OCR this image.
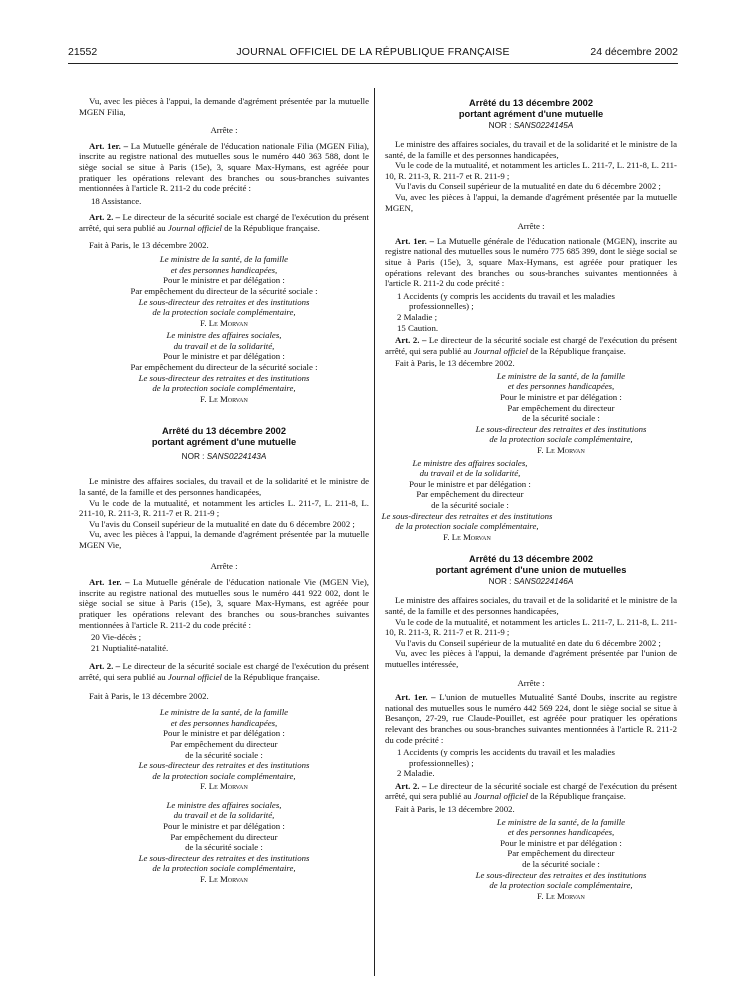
21552	JOURNAL OFFICIEL DE LA RÉPUBLIQUE FRANÇAISE	24 décembre 2002

Vu, avec les pièces à l'appui, la demande d'agrément présentée par la mutuelle MGEN Filia,

Arrête :

Art. 1er. – La Mutuelle générale de l'éducation nationale Filia (MGEN Filia), inscrite au registre national des mutuelles sous le numéro 440 363 588, dont le siège social se situe à Paris (15e), 3, square Max-Hymans, est agréée pour pratiquer les opérations relevant des branches ou sous-branches suivantes mentionnées à l'article R. 211-2 du code précité :

18 Assistance.

Art. 2. – Le directeur de la sécurité sociale est chargé de l'exécution du présent arrêté, qui sera publié au Journal officiel de la République française.

Fait à Paris, le 13 décembre 2002.

Le ministre de la santé, de la famille

et des personnes handicapées,

Pour le ministre et par délégation :

Par empêchement du directeur de la sécurité sociale :

Le sous-directeur des retraites et des institutions

de la protection sociale complémentaire,

F. Le Morvan

Le ministre des affaires sociales,

du travail et de la solidarité,

Pour le ministre et par délégation :

Par empêchement du directeur de la sécurité sociale :

Le sous-directeur des retraites et des institutions

de la protection sociale complémentaire,

F. Le Morvan

Arrêté du 13 décembre 2002

portant agrément d'une mutuelle

NOR : SANS0224143A

Le ministre des affaires sociales, du travail et de la solidarité et le ministre de la santé, de la famille et des personnes handicapées,

Vu le code de la mutualité, et notamment les articles L. 211-7, L. 211-8, L. 211-10, R. 211-3, R. 211-7 et R. 211-9 ;

Vu l'avis du Conseil supérieur de la mutualité en date du 6 décembre 2002 ;

Vu, avec les pièces à l'appui, la demande d'agrément présentée par la mutuelle MGEN Vie,

Arrête :

Art. 1er. – La Mutuelle générale de l'éducation nationale Vie (MGEN Vie), inscrite au registre national des mutuelles sous le numéro 441 922 002, dont le siège social se situe à Paris (15e), 3, square Max-Hymans, est agréée pour pratiquer les opérations relevant des branches ou sous-branches suivantes mentionnées à l'article R. 211-2 du code précité :

20 Vie-décès ;

21 Nuptialité-natalité.

Art. 2. – Le directeur de la sécurité sociale est chargé de l'exécution du présent arrêté, qui sera publié au Journal officiel de la République française.

Fait à Paris, le 13 décembre 2002.

Le ministre de la santé, de la famille

et des personnes handicapées,

Pour le ministre et par délégation :

Par empêchement du directeur

de la sécurité sociale :

Le sous-directeur des retraites et des institutions

de la protection sociale complémentaire,

F. Le Morvan

Le ministre des affaires sociales,

du travail et de la solidarité,

Pour le ministre et par délégation :

Par empêchement du directeur

de la sécurité sociale :

Le sous-directeur des retraites et des institutions

de la protection sociale complémentaire,

F. Le Morvan

Arrêté du 13 décembre 2002

portant agrément d'une mutuelle

NOR : SANS0224145A

Le ministre des affaires sociales, du travail et de la solidarité et le ministre de la santé, de la famille et des personnes handicapées,

Vu le code de la mutualité, et notamment les articles L. 211-7, L. 211-8, L. 211-10, R. 211-3, R. 211-7 et R. 211-9 ;

Vu l'avis du Conseil supérieur de la mutualité en date du 6 décembre 2002 ;

Vu, avec les pièces à l'appui, la demande d'agrément présentée par la mutuelle MGEN,

Arrête :

Art. 1er. – La Mutuelle générale de l'éducation nationale (MGEN), inscrite au registre national des mutuelles sous le numéro 775 685 399, dont le siège social se situe à Paris (15e), 3, square Max-Hymans, est agréée pour pratiquer les opérations relevant des branches ou sous-branches suivantes mentionnées à l'article R. 211-2 du code précité :

1 Accidents (y compris les accidents du travail et les maladies professionnelles) ;

2 Maladie ;

15 Caution.

Art. 2. – Le directeur de la sécurité sociale est chargé de l'exécution du présent arrêté, qui sera publié au Journal officiel de la République française.

Fait à Paris, le 13 décembre 2002.

Le ministre de la santé, de la famille

et des personnes handicapées,

Pour le ministre et par délégation :

Par empêchement du directeur

de la sécurité sociale :

Le sous-directeur des retraites et des institutions

de la protection sociale complémentaire,

F. Le Morvan

Le ministre des affaires sociales,

du travail et de la solidarité,

Pour le ministre et par délégation :

Par empêchement du directeur

de la sécurité sociale :

Le sous-directeur des retraites et des institutions

de la protection sociale complémentaire,

F. Le Morvan

Arrêté du 13 décembre 2002

portant agrément d'une union de mutuelles

NOR : SANS0224146A

Le ministre des affaires sociales, du travail et de la solidarité et le ministre de la santé, de la famille et des personnes handicapées,

Vu le code de la mutualité, et notamment les articles L. 211-7, L. 211-8, L. 211-10, R. 211-3, R. 211-7 et R. 211-9 ;

Vu l'avis du Conseil supérieur de la mutualité en date du 6 décembre 2002 ;

Vu, avec les pièces à l'appui, la demande d'agrément présentée par l'union de mutuelles intéressée,

Arrête :

Art. 1er. – L'union de mutuelles Mutualité Santé Doubs, inscrite au registre national des mutuelles sous le numéro 442 569 224, dont le siège social se situe à Besançon, 27-29, rue Claude-Pouillet, est agréée pour pratiquer les opérations relevant des branches ou sous-branches suivantes mentionnées à l'article R. 211-2 du code précité :

1 Accidents (y compris les accidents du travail et les maladies professionnelles) ;

2 Maladie.

Art. 2. – Le directeur de la sécurité sociale est chargé de l'exécution du présent arrêté, qui sera publié au Journal officiel de la République française.

Fait à Paris, le 13 décembre 2002.

Le ministre de la santé, de la famille

et des personnes handicapées,

Pour le ministre et par délégation :

Par empêchement du directeur

de la sécurité sociale :

Le sous-directeur des retraites et des institutions

de la protection sociale complémentaire,

F. Le Morvan
